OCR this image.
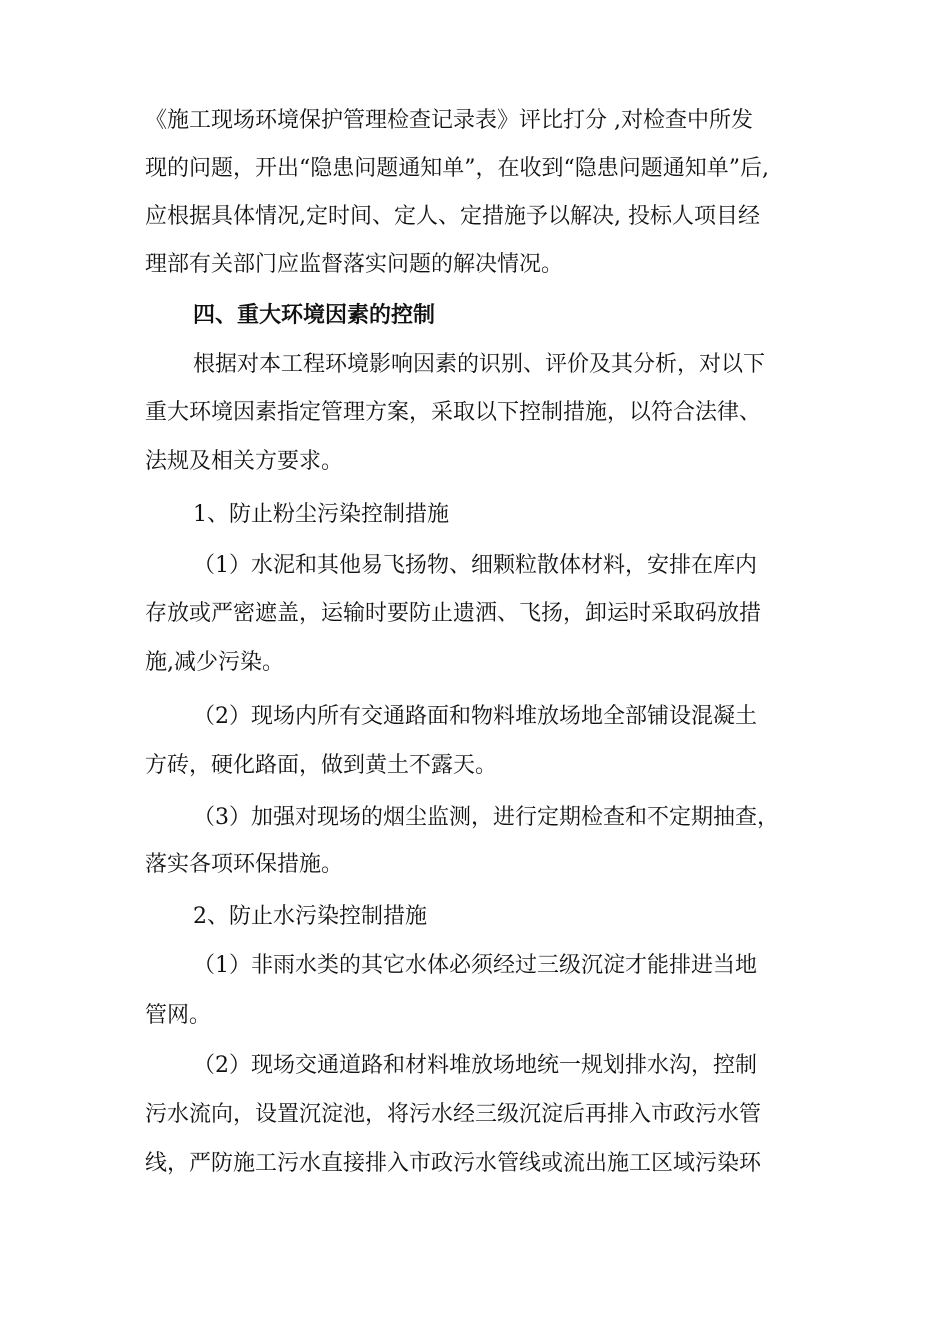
《施工现场环境保护管理检查记录表》评比打分 ,对检查中所发
现的问题，开出“隐患问题通知单”，在收到“隐患问题通知单”后,
应根据具体情况,定时间、定人、定措施予以解决, 投标人项目经
理部有关部门应监督落实问题的解决情况。
四、重大环境因素的控制
根据对本工程环境影响因素的识别、评价及其分析，对以下
重大环境因素指定管理方案，采取以下控制措施，以符合法律、
法规及相关方要求。
1、防止粉尘污染控制措施
（1）水泥和其他易飞扬物、细颗粒散体材料，安排在库内
存放或严密遮盖，运输时要防止遗洒、飞扬，卸运时采取码放措
施,减少污染。
（2）现场内所有交通路面和物料堆放场地全部铺设混凝土
方砖，硬化路面，做到黄土不露天。
（3）加强对现场的烟尘监测，进行定期检查和不定期抽查，
落实各项环保措施。
2、防止水污染控制措施
（1）非雨水类的其它水体必须经过三级沉淀才能排进当地
管网。
（2）现场交通道路和材料堆放场地统一规划排水沟，控制
污水流向，设置沉淀池，将污水经三级沉淀后再排入市政污水管
线，严防施工污水直接排入市政污水管线或流出施工区域污染环
